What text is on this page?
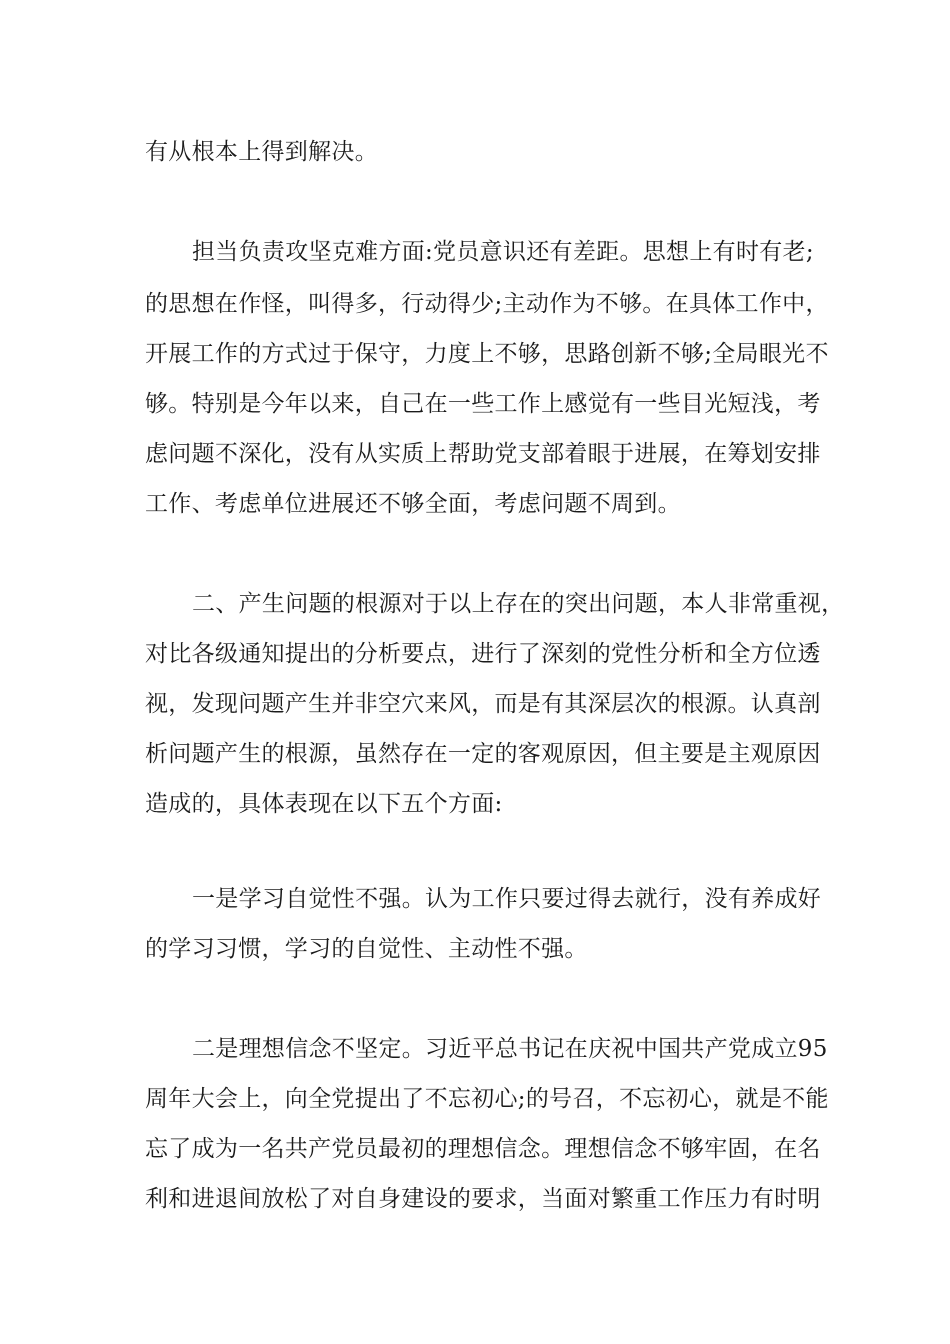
有从根本上得到解决。
担当负责攻坚克难方面:党员意识还有差距。思想上有时有老;
的思想在作怪，叫得多，行动得少;主动作为不够。在具体工作中，
开展工作的方式过于保守，力度上不够，思路创新不够;全局眼光不
够。特别是今年以来，自己在一些工作上感觉有一些目光短浅，考
虑问题不深化，没有从实质上帮助党支部着眼于进展，在筹划安排
工作、考虑单位进展还不够全面，考虑问题不周到。
二、产生问题的根源对于以上存在的突出问题，本人非常重视，
对比各级通知提出的分析要点，进行了深刻的党性分析和全方位透
视，发现问题产生并非空穴来风，而是有其深层次的根源。认真剖
析问题产生的根源，虽然存在一定的客观原因，但主要是主观原因
造成的，具体表现在以下五个方面:
一是学习自觉性不强。认为工作只要过得去就行，没有养成好
的学习习惯，学习的自觉性、主动性不强。
二是理想信念不坚定。习近平总书记在庆祝中国共产党成立95
周年大会上，向全党提出了不忘初心;的号召，不忘初心，就是不能
忘了成为一名共产党员最初的理想信念。理想信念不够牢固，在名
利和进退间放松了对自身建设的要求，当面对繁重工作压力有时明
